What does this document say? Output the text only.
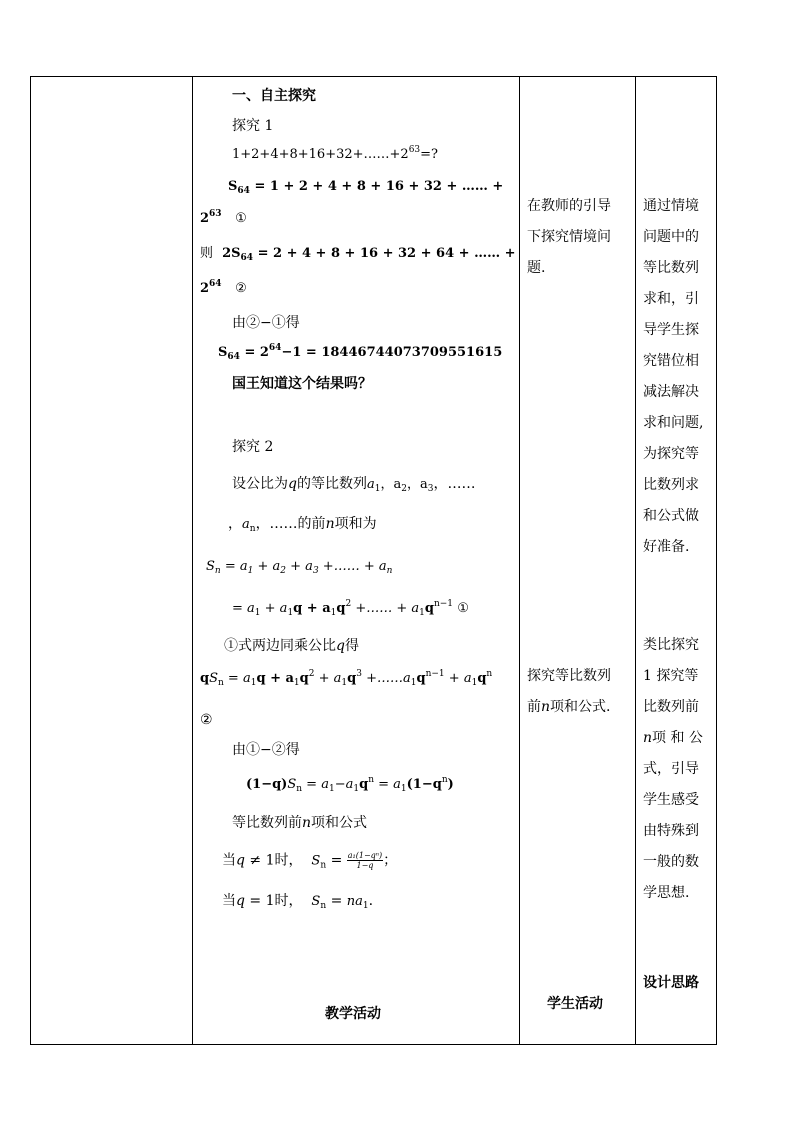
一、自主探究
探究 1
$1+2+4+8+16+32+\dots\dots+2^{63}=$?
$S_{64} = 1 + 2 + 4 + 8 + 16 + 32$ + …… +
$2^{63}$ ①
则 $2S_{64} = 2 + 4 + 8 + 16 + 32 + 64$ + …… +
$2^{64}$ ②
由②−①得
$S_{64} = 2^{64}-1 = 18446744073709551615$
国王知道这个结果吗？
探究 2
设公比为q的等比数列$a_1$，$a_2$，$a_3$，……
，$a_n$，……的前n项和为
$S_n = a_1 + a_2 + a_3$ +…… + $a_n$
= $a_1 + a_1q + a_1q^2$ +…… + $a_1q^{n-1}$ ①
①式两边同乘公比q得
$qS_n = a_1q + a_1q^2 + a_1q^3$ $+\dots\dots a_1q^{n-1} + a_1q^n$
②
由①−②得
$(1-q)S_n = a_1-a_1q^n = a_1(1-q^n)$
等比数列前n项和公式
当q ≠ 1时， $S_n = \frac{\text{a₁(1−qⁿ)}}{1-q}$ ；
当q = 1时， $S_n = na_1$.
教学活动
在教师的引导
下探究情境问
题.
探究等比数列
前n项和公式.
学生活动
通过情境
问题中的
等比数列
求和，引
导学生探
究错位相
减法解决
求和问题,
为探究等
比数列求
和公式做
好准备.
类比探究
1 探究等
比数列前
n项 和 公
式，引导
学生感受
由特殊到
一般的数
学思想.
设计思路
